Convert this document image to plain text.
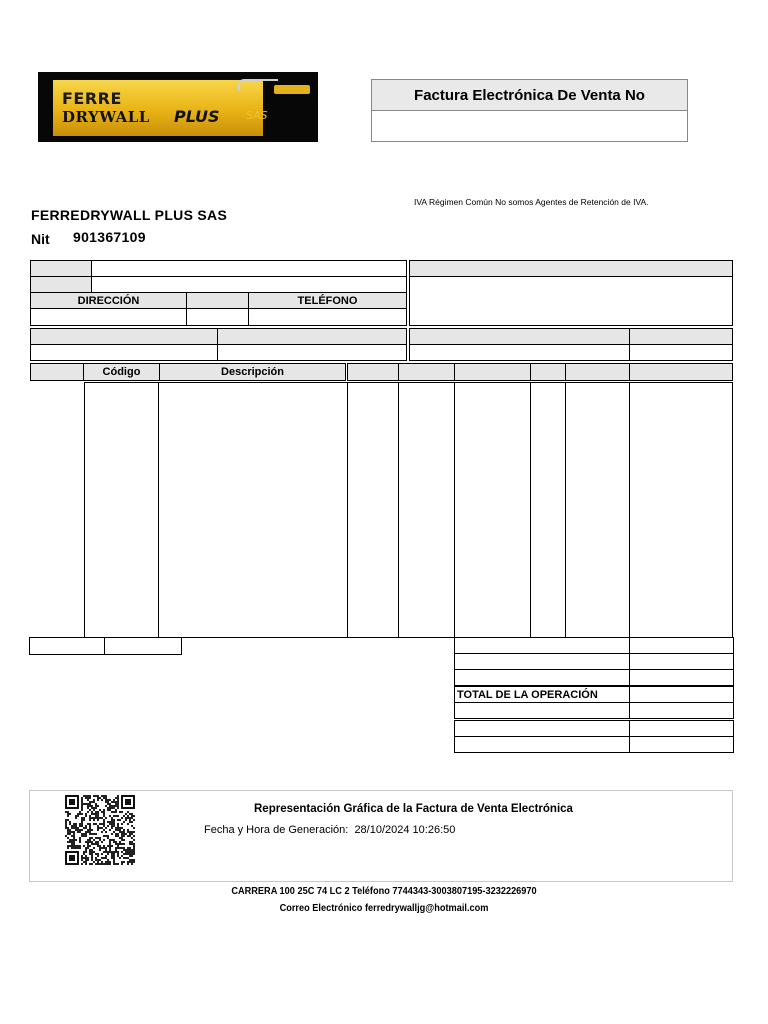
FERRE
DRYWALL PLUS SAS
Factura Electrónica De Venta No
IVA Régimen Común No somos Agentes de Retención de IVA.
FERREDRYWALL PLUS SAS
Nit 901367109
DIRECCIÓN	TELÉFONO
Código	Descripción
TOTAL DE LA OPERACIÓN
Representación Gráfica de la Factura de Venta Electrónica
Fecha y Hora de Generación: 28/10/2024 10:26:50
CARRERA 100 25C 74 LC 2 Teléfono 7744343-3003807195-3232226970
Correo Electrónico ferredrywalljg@hotmail.com
